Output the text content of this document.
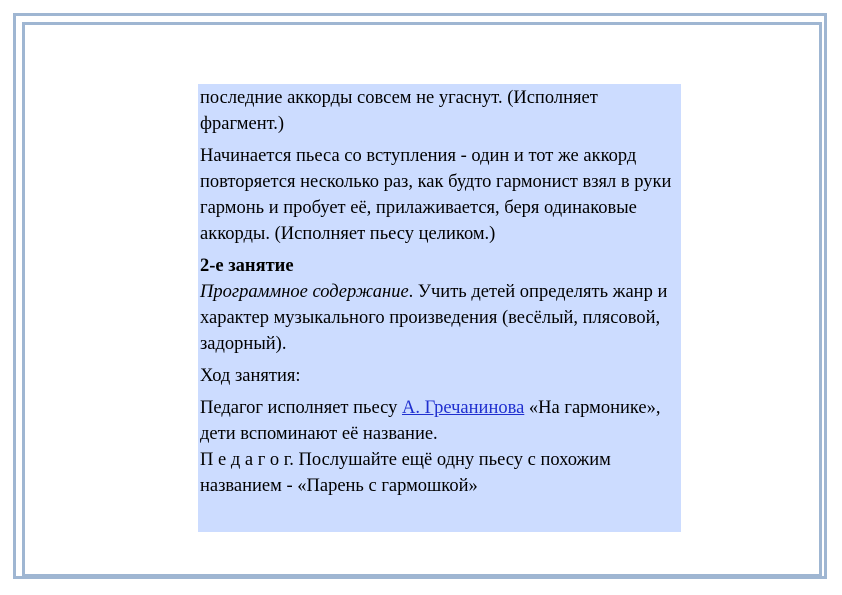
последние аккорды совсем не угаснут. (Исполняет фрагмент.)

Начинается пьеса со вступления - один и тот же аккорд повторяется несколько раз, как будто гармонист взял в руки гармонь и пробует её, прилаживается, беря одинаковые аккорды. (Исполняет пьесу целиком.)

2-е занятие
Программное содержание. Учить детей определять жанр и характер музыкального произведения (весёлый, плясовой, задорный).

Ход занятия:

Педагог исполняет пьесу А. Гречанинова «На гармонике», дети вспоминают её название.
П е д а г о г. Послушайте ещё одну пьесу с похожим названием - «Парень с гармошкой»
